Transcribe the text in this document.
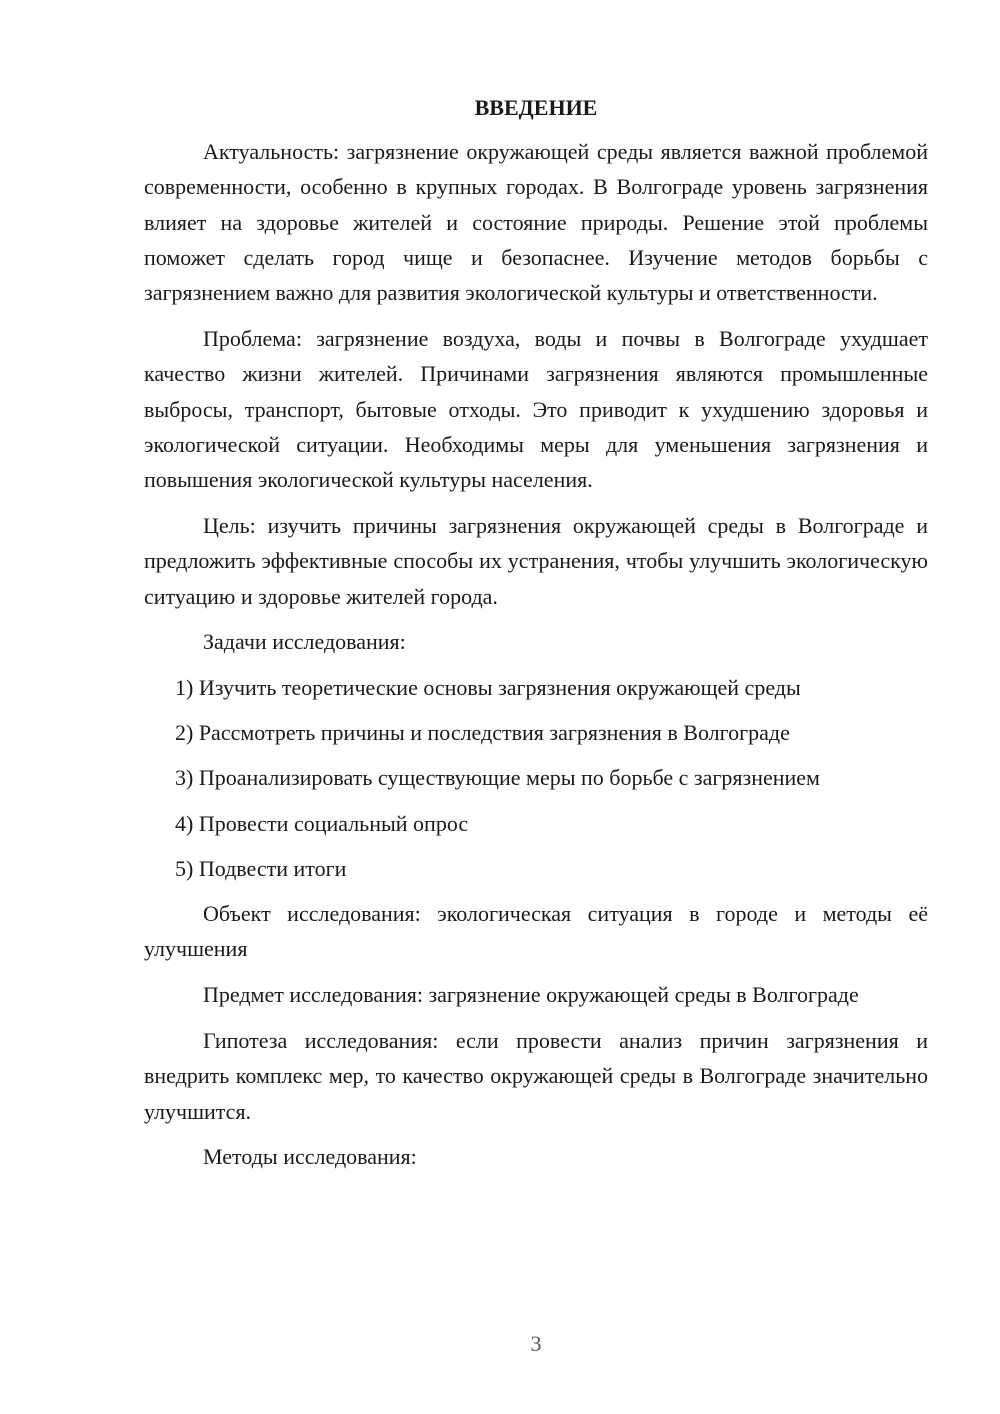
ВВЕДЕНИЕ

Актуальность: загрязнение окружающей среды является важной проблемой современности, особенно в крупных городах. В Волгограде уровень загрязнения влияет на здоровье жителей и состояние природы. Решение этой проблемы поможет сделать город чище и безопаснее. Изучение методов борьбы с загрязнением важно для развития экологической культуры и ответственности.

Проблема: загрязнение воздуха, воды и почвы в Волгограде ухудшает качество жизни жителей. Причинами загрязнения являются промышленные выбросы, транспорт, бытовые отходы. Это приводит к ухудшению здоровья и экологической ситуации. Необходимы меры для уменьшения загрязнения и повышения экологической культуры населения.

Цель: изучить причины загрязнения окружающей среды в Волгограде и предложить эффективные способы их устранения, чтобы улучшить экологическую ситуацию и здоровье жителей города.

Задачи исследования:

1) Изучить теоретические основы загрязнения окружающей среды
2) Рассмотреть причины и последствия загрязнения в Волгограде
3) Проанализировать существующие меры по борьбе с загрязнением
4) Провести социальный опрос
5) Подвести итоги

Объект исследования: экологическая ситуация в городе и методы её улучшения

Предмет исследования: загрязнение окружающей среды в Волгограде

Гипотеза исследования: если провести анализ причин загрязнения и внедрить комплекс мер, то качество окружающей среды в Волгограде значительно улучшится.

Методы исследования:

3
